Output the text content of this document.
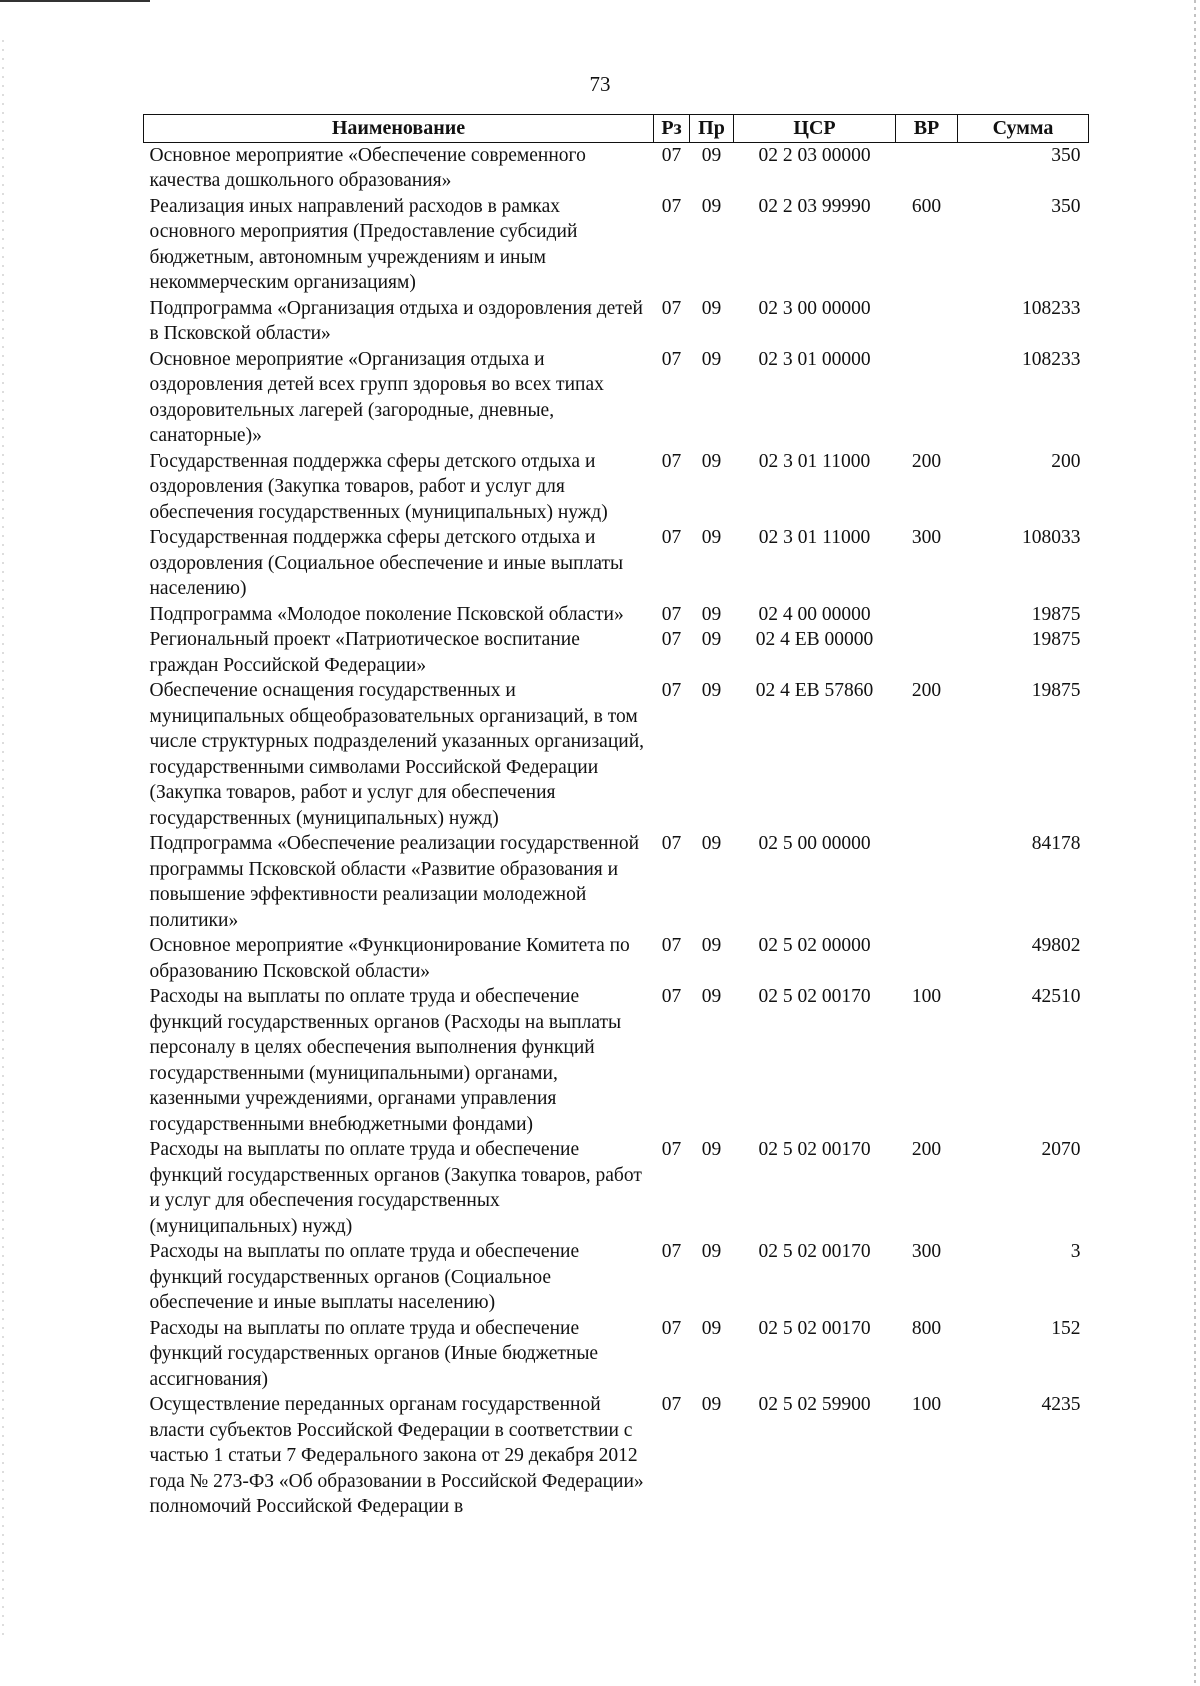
73
Наименование	Рз	Пр	ЦСР	ВР	Сумма
Основное мероприятие «Обеспечение современного качества дошкольного образования»	07	09	02 2 03 00000		350
Реализация иных направлений расходов в рамках основного мероприятия (Предоставление субсидий бюджетным, автономным учреждениям и иным некоммерческим организациям)	07	09	02 2 03 99990	600	350
Подпрограмма «Организация отдыха и оздоровления детей в Псковской области»	07	09	02 3 00 00000		108233
Основное мероприятие «Организация отдыха и оздоровления детей всех групп здоровья во всех типах оздоровительных лагерей (загородные, дневные, санаторные)»	07	09	02 3 01 00000		108233
Государственная поддержка сферы детского отдыха и оздоровления (Закупка товаров, работ и услуг для обеспечения государственных (муниципальных) нужд)	07	09	02 3 01 11000	200	200
Государственная поддержка сферы детского отдыха и оздоровления (Социальное обеспечение и иные выплаты населению)	07	09	02 3 01 11000	300	108033
Подпрограмма «Молодое поколение Псковской области»	07	09	02 4 00 00000		19875
Региональный проект «Патриотическое воспитание граждан Российской Федерации»	07	09	02 4 EB 00000		19875
Обеспечение оснащения государственных и муниципальных общеобразовательных организаций, в том числе структурных подразделений указанных организаций, государственными символами Российской Федерации (Закупка товаров, работ и услуг для обеспечения государственных (муниципальных) нужд)	07	09	02 4 EB 57860	200	19875
Подпрограмма «Обеспечение реализации государственной программы Псковской области «Развитие образования и повышение эффективности реализации молодежной политики»	07	09	02 5 00 00000		84178
Основное мероприятие «Функционирование Комитета по образованию Псковской области»	07	09	02 5 02 00000		49802
Расходы на выплаты по оплате труда и обеспечение функций государственных органов (Расходы на выплаты персоналу в целях обеспечения выполнения функций государственными (муниципальными) органами, казенными учреждениями, органами управления государственными внебюджетными фондами)	07	09	02 5 02 00170	100	42510
Расходы на выплаты по оплате труда и обеспечение функций государственных органов (Закупка товаров, работ и услуг для обеспечения государственных (муниципальных) нужд)	07	09	02 5 02 00170	200	2070
Расходы на выплаты по оплате труда и обеспечение функций государственных органов (Социальное обеспечение и иные выплаты населению)	07	09	02 5 02 00170	300	3
Расходы на выплаты по оплате труда и обеспечение функций государственных органов (Иные бюджетные ассигнования)	07	09	02 5 02 00170	800	152
Осуществление переданных органам государственной власти субъектов Российской Федерации в соответствии с частью 1 статьи 7 Федерального закона от 29 декабря 2012 года № 273-ФЗ «Об образовании в Российской Федерации» полномочий Российской Федерации в	07	09	02 5 02 59900	100	4235
